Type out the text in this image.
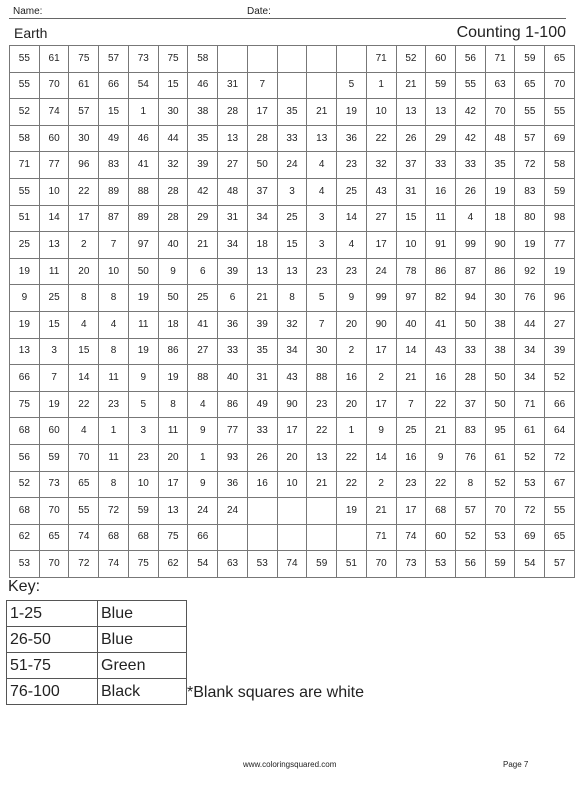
Name:	Date:
Earth	Counting 1-100
55	61	75	57	73	75	58						71	52	60	56	71	59	65
55	70	61	66	54	15	46	31	7			5	1	21	59	55	63	65	70
52	74	57	15	1	30	38	28	17	35	21	19	10	13	13	42	70	55	55
58	60	30	49	46	44	35	13	28	33	13	36	22	26	29	42	48	57	69
71	77	96	83	41	32	39	27	50	24	4	23	32	37	33	33	35	72	58
55	10	22	89	88	28	42	48	37	3	4	25	43	31	16	26	19	83	59
51	14	17	87	89	28	29	31	34	25	3	14	27	15	11	4	18	80	98
25	13	2	7	97	40	21	34	18	15	3	4	17	10	91	99	90	19	77
19	11	20	10	50	9	6	39	13	13	23	23	24	78	86	87	86	92	19
9	25	8	8	19	50	25	6	21	8	5	9	99	97	82	94	30	76	96
19	15	4	4	11	18	41	36	39	32	7	20	90	40	41	50	38	44	27
13	3	15	8	19	86	27	33	35	34	30	2	17	14	43	33	38	34	39
66	7	14	11	9	19	88	40	31	43	88	16	2	21	16	28	50	34	52
75	19	22	23	5	8	4	86	49	90	23	20	17	7	22	37	50	71	66
68	60	4	1	3	11	9	77	33	17	22	1	9	25	21	83	95	61	64
56	59	70	11	23	20	1	93	26	20	13	22	14	16	9	76	61	52	72
52	73	65	8	10	17	9	36	16	10	21	22	2	23	22	8	52	53	67
68	70	55	72	59	13	24	24				19	21	17	68	57	70	72	55
62	65	74	68	68	75	66						71	74	60	52	53	69	65
53	70	72	74	75	62	54	63	53	74	59	51	70	73	53	56	59	54	57
Key:
1-25	Blue
26-50	Blue
51-75	Green
76-100	Black	*Blank squares are white
www.coloringsquared.com	Page 7
